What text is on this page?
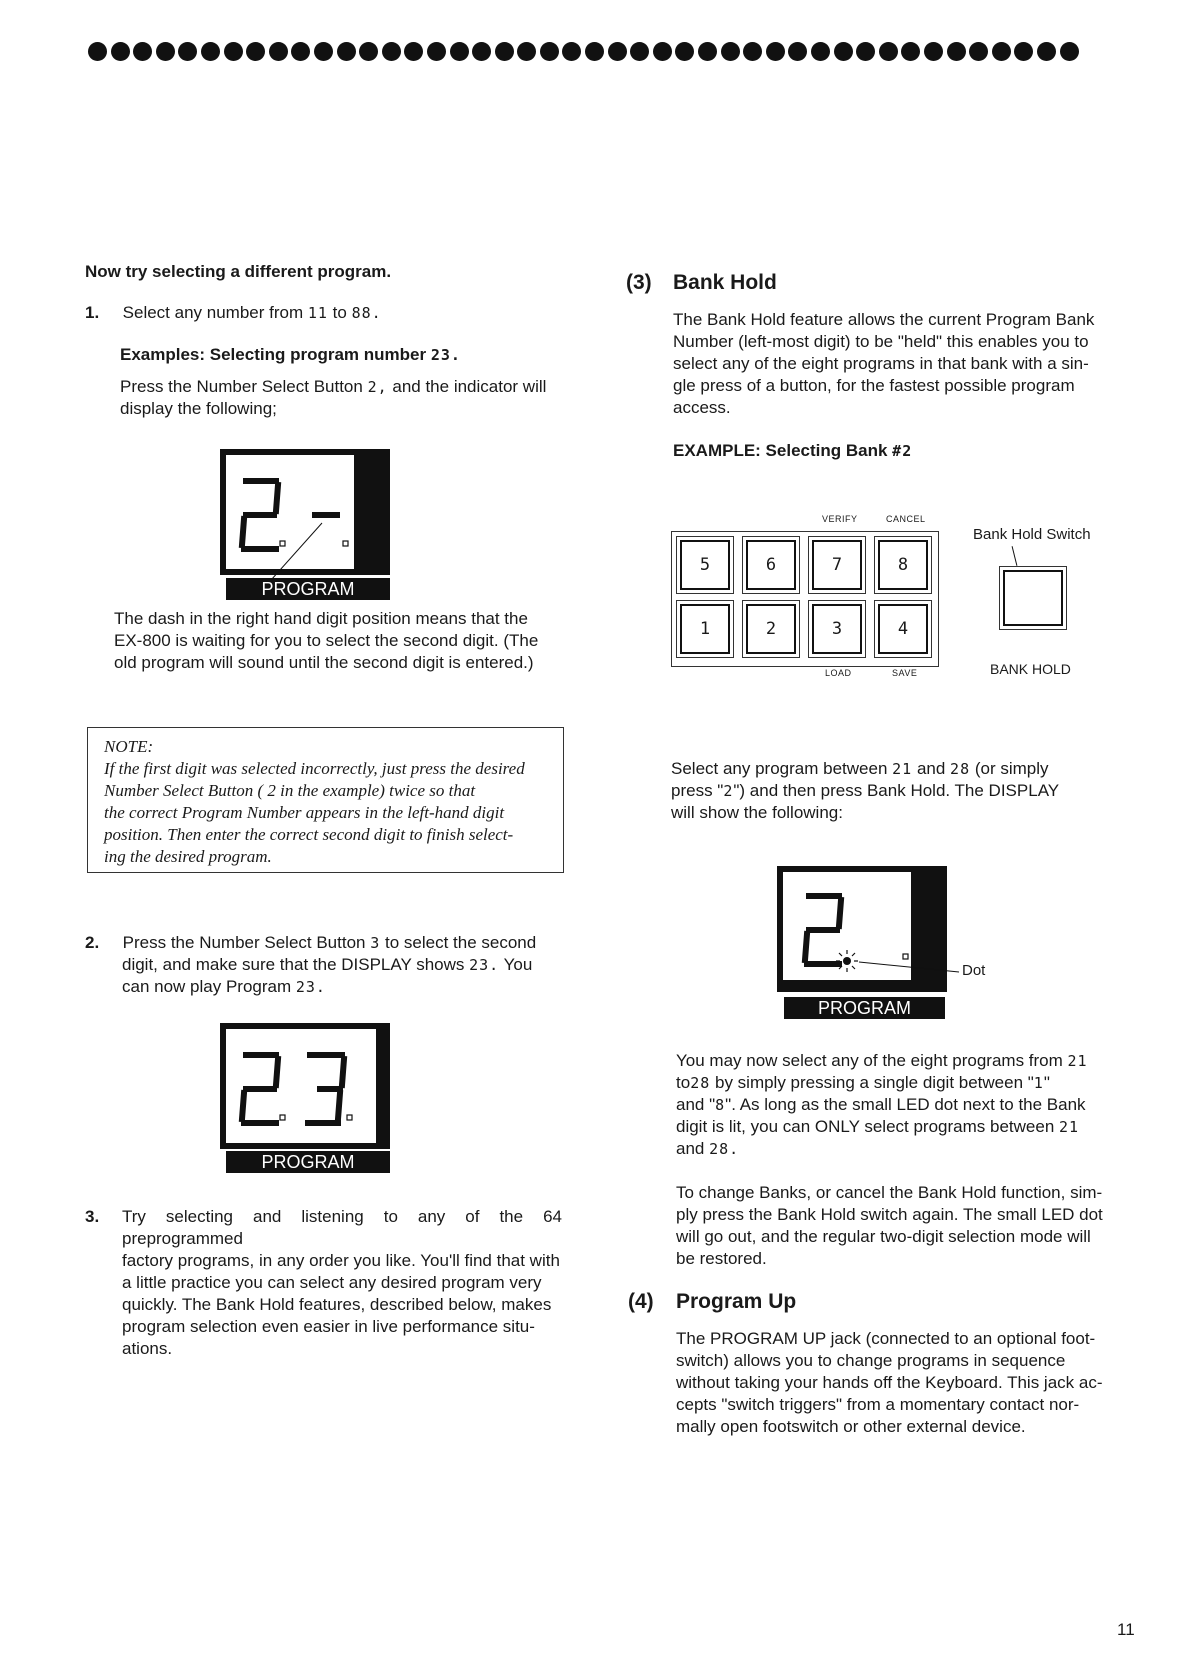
Now try selecting a different program.

1. Select any number from 11 to 88.
Examples: Selecting program number 23.
Press the Number Select Button 2, and the indicator will
display the following;
PROGRAM
The dash in the right hand digit position means that the
EX-800 is waiting for you to select the second digit. (The
old program will sound until the second digit is entered.)

NOTE:

If the first digit was selected incorrectly, just press the desired

Number Select Button ( 2 in the example) twice so that

the correct Program Number appears in the left-hand digit

position. Then enter the correct second digit to finish select-

ing the desired program.

2. Press the Number Select Button 3 to select the second
digit, and make sure that the DISPLAY shows 23. You
can now play Program 23.
PROGRAM
3. Try selecting and listening to any of the 64 preprogrammed
factory programs, in any order you like. You'll find that with
a little practice you can select any desired program very
quickly. The Bank Hold features, described below, makes
program selection even easier in live performance situ-
ations.
(3) Bank Hold
The Bank Hold feature allows the current Program Bank
Number (left-most digit) to be "held" this enables you to
select any of the eight programs in that bank with a sin-
gle press of a button, for the fastest possible program
access.
EXAMPLE: Selecting Bank #2
VERIFY	CANCEL
5	6	7	8
1	2	3	4
LOAD	SAVE
Bank Hold Switch
BANK HOLD
Select any program between 21 and 28 (or simply
press "2") and then press Bank Hold. The DISPLAY
will show the following:
Dot
PROGRAM
You may now select any of the eight programs from 21
to28 by simply pressing a single digit between "1"
and "8". As long as the small LED dot next to the Bank
digit is lit, you can ONLY select programs between 21
and 28.
To change Banks, or cancel the Bank Hold function, sim-
ply press the Bank Hold switch again. The small LED dot
will go out, and the regular two-digit selection mode will
be restored.
(4) Program Up
The PROGRAM UP jack (connected to an optional foot-
switch) allows you to change programs in sequence
without taking your hands off the Keyboard. This jack ac-
cepts "switch triggers" from a momentary contact nor-
mally open footswitch or other external device.
11
